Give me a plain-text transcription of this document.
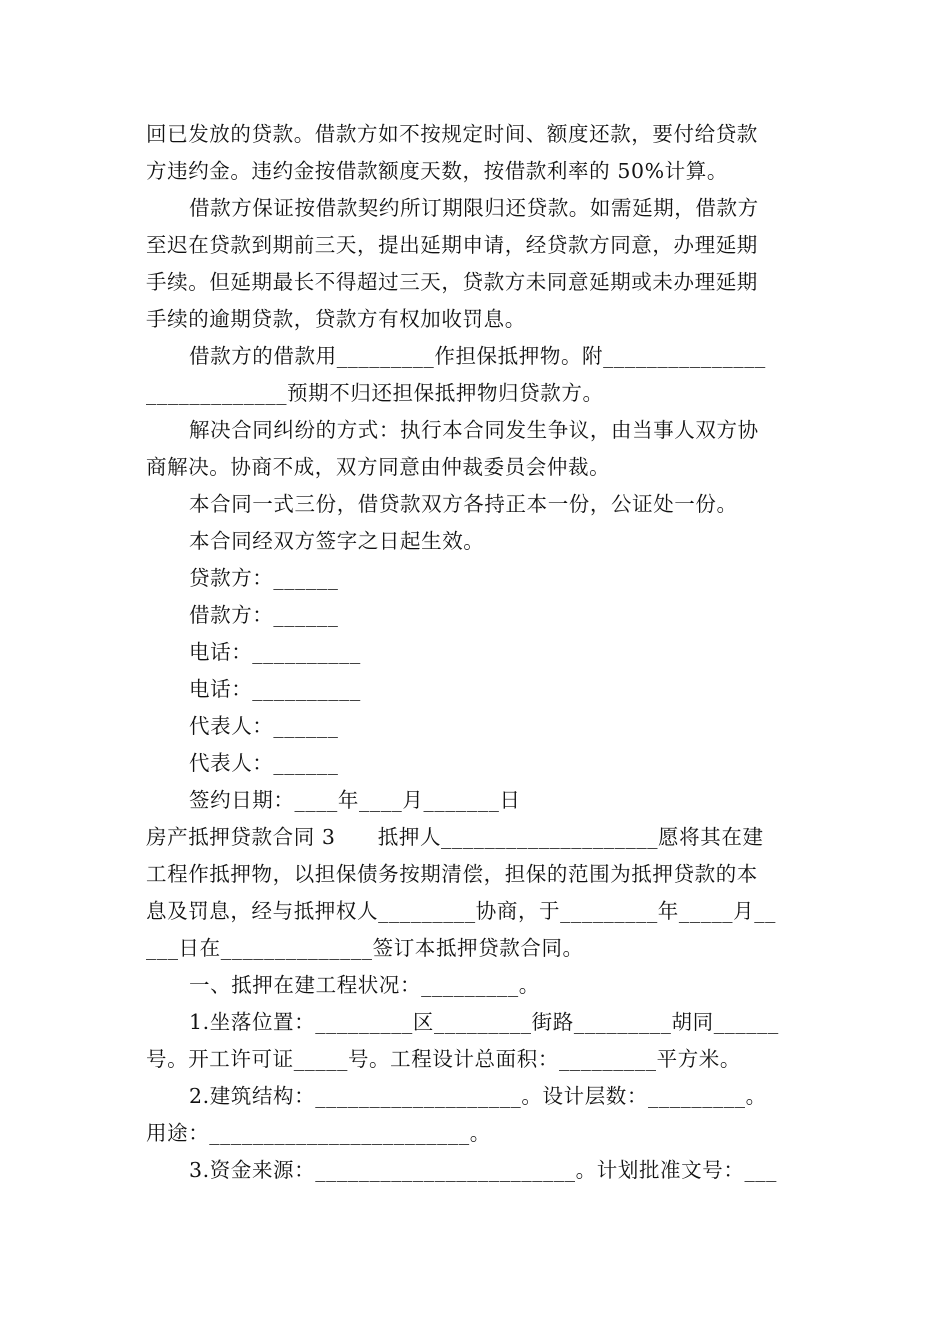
回已发放的贷款。借款方如不按规定时间、额度还款，要付给贷款

方违约金。违约金按借款额度天数，按借款利率的 50%计算。

借款方保证按借款契约所订期限归还贷款。如需延期，借款方

至迟在贷款到期前三天，提出延期申请，经贷款方同意，办理延期

手续。但延期最长不得超过三天，贷款方未同意延期或未办理延期

手续的逾期贷款，贷款方有权加收罚息。

借款方的借款用_________作担保抵押物。附_______________

_____________预期不归还担保抵押物归贷款方。

解决合同纠纷的方式：执行本合同发生争议，由当事人双方协

商解决。协商不成，双方同意由仲裁委员会仲裁。

本合同一式三份，借贷款双方各持正本一份，公证处一份。

本合同经双方签字之日起生效。

贷款方：______

借款方：______

电话：__________

电话：__________

代表人：______

代表人：______

签约日期：____年____月_______日

房产抵押贷款合同 3　　抵押人____________________愿将其在建

工程作抵押物，以担保债务按期清偿，担保的范围为抵押贷款的本

息及罚息，经与抵押权人_________协商，于_________年_____月__

___日在______________签订本抵押贷款合同。

一、抵押在建工程状况：_________。

1.坐落位置：_________区_________街路_________胡同______

号。开工许可证_____号。工程设计总面积：_________平方米。

2.建筑结构：___________________。设计层数：_________。

用途：________________________。

3.资金来源：________________________。计划批准文号：___
